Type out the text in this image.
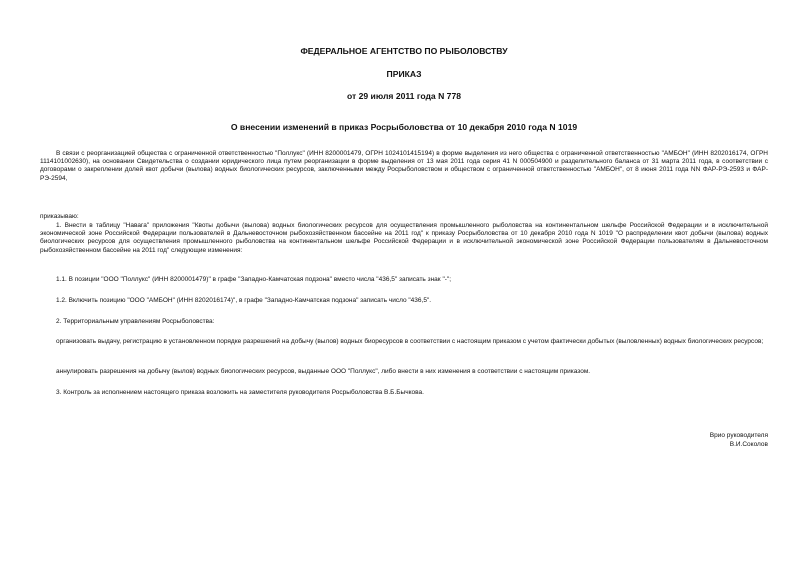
ФЕДЕРАЛЬНОЕ АГЕНТСТВО ПО РЫБОЛОВСТВУ
ПРИКАЗ
от 29 июля 2011 года N 778
О внесении изменений в приказ Росрыболовства от 10 декабря 2010 года N 1019
В связи с реорганизацией общества с ограниченной ответственностью "Поллукс" (ИНН 8200001479, ОГРН 1024101415194) в форме выделения из него общества с ограниченной ответственностью "АМБОН" (ИНН 8202016174, ОГРН 1114101002630), на основании Свидетельства о создании юридического лица путем реорганизации в форме выделения от 13 мая 2011 года серия 41 N 000504900 и разделительного баланса от 31 марта 2011 года, в соответствии с договорами о закреплении долей квот добычи (вылова) водных биологических ресурсов, заключенными между Росрыболовством и обществом с ограниченной ответственностью "АМБОН", от 8 июня 2011 года NN ФАР-РЭ-2593 и ФАР-РЭ-2594,
приказываю:
1. Внести в таблицу "Навага" приложения "Квоты добычи (вылова) водных биологических ресурсов для осуществления промышленного рыболовства на континентальном шельфе Российской Федерации и в исключительной экономической зоне Российской Федерации пользователей в Дальневосточном рыбохозяйственном бассейне на 2011 год" к приказу Росрыболовства от 10 декабря 2010 года N 1019 "О распределении квот добычи (вылова) водных биологических ресурсов для осуществления промышленного рыболовства на континентальном шельфе Российской Федерации и в исключительной экономической зоне Российской Федерации пользователям в Дальневосточном рыбохозяйственном бассейне на 2011 год" следующие изменения:
1.1. В позиции "ООО "Поллукс" (ИНН 8200001479)" в графе "Западно-Камчатская подзона" вместо числа "436,5" записать знак "-";
1.2. Включить позицию "ООО "АМБОН" (ИНН 8202016174)", в графе "Западно-Камчатская подзона" записать число "436,5".
2. Территориальным управлениям Росрыболовства:
организовать выдачу, регистрацию в установленном порядке разрешений на добычу (вылов) водных биоресурсов в соответствии с настоящим приказом с учетом фактически добытых (выловленных) водных биологических ресурсов;
аннулировать разрешения на добычу (вылов) водных биологических ресурсов, выданные ООО "Поллукс", либо внести в них изменения в соответствии с настоящим приказом.
3. Контроль за исполнением настоящего приказа возложить на заместителя руководителя Росрыболовства В.Б.Бычкова.
Врио руководителя
В.И.Соколов
